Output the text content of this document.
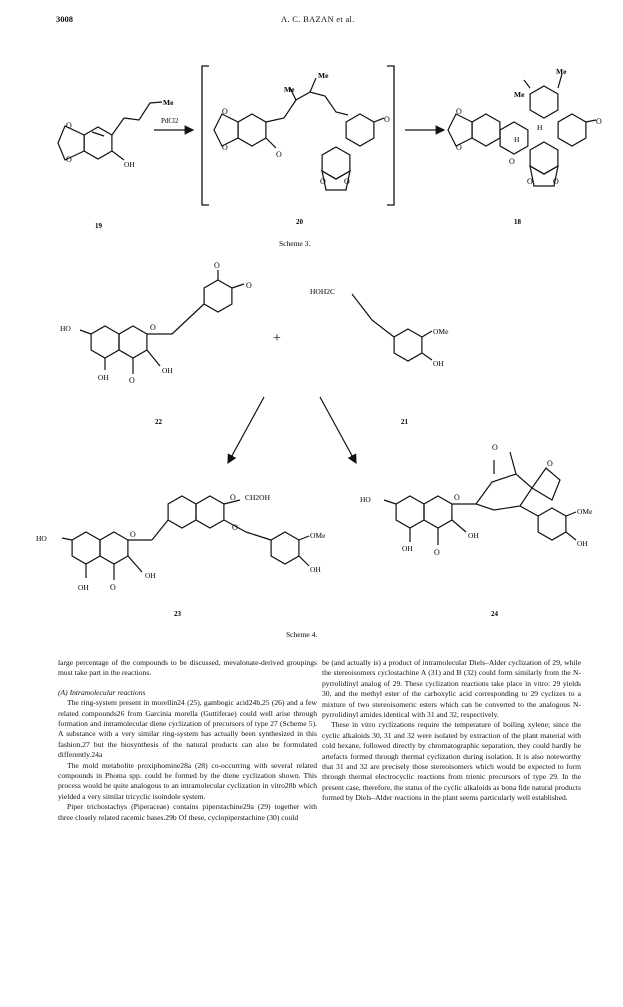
3008	A. C. BAZAN et al.
O
O
Me
OH
19
PdCl2
Me
Me
O
O
O
O
O O
20
Scheme 3.
Me
Me
H
H
O
O
O
O
O	O
18
O
O
O
O
HO
OH
OH
22
+
HOH2C
OMe
OH
21
O
O
O
O
CH2OH
HO
OH
OH
OMe
OH
23
O
O
O
O
HO
OH
OH
OMe
OH
24
Scheme 4.

large percentage of the compounds to be discussed, mevalonate-derived groupings must take part in the reactions.

(A) Intramolecular reactions

The ring-system present in morellin24 (25), gambogic acid24b,25 (26) and a few related compounds26 from Garcinia morella (Guttiferae) could well arise through formation and intramolecular diene cyclization of precursors of type 27 (Scheme 5). A substance with a very similar ring-system has actually been synthesized in this fashion,27 but the biosynthesis of the natural products can also be formulated differently.24a

The mold metabolite proxiphomine28a (28) co-occurring with several related compounds in Phoma spp. could be formed by the diene cyclization shown. This process would be quite analogous to an intramolecular cyclization in vitro28b which yielded a very similar tricyclic isoindole system.

Piper trichostachys (Piperaceae) contains piperstachine29a (29) together with three closely related racemic bases.29b Of these, cyclopiperstachine (30) could

be (and actually is) a product of intramolecular Diels–Alder cyclization of 29, while the stereoisomers cyclostachine A (31) and B (32) could form similarly from the N-pyrrolidinyl analog of 29. These cyclization reactions take place in vitro: 29 yields 30, and the methyl ester of the carboxylic acid corresponding to 29 cyclizes to a mixture of two stereoisomeric esters which can be converted to the analogous N-pyrrolidinyl amides identical with 31 and 32, respectively.

These in vitro cyclizations require the temperature of boiling xylene; since the cyclic alkaloids 30, 31 and 32 were isolated by extraction of the plant material with cold hexane, followed directly by chromatographic separation, they could hardly be artefacts formed through thermal cyclization during isolation. It is also noteworthy that 31 and 32 are precisely those stereoisomers which would be expected to form through thermal electrocyclic reactions from trienic precursors of type 29. In the present case, therefore, the status of the cyclic alkaloids as bona fide natural products formed by Diels–Alder reactions in the plant seems particularly well established.
